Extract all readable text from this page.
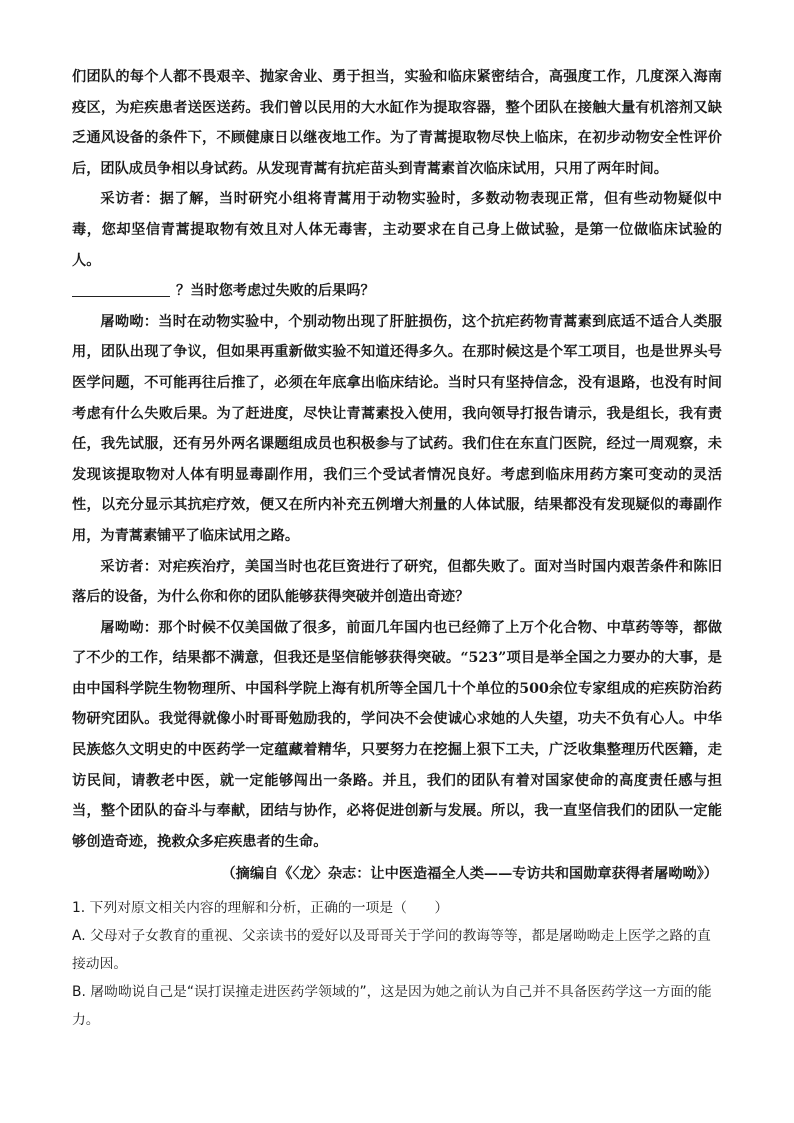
们团队的每个人都不畏艰辛、抛家舍业、勇于担当，实验和临床紧密结合，高强度工作，几度深入海南疫区，为疟疾患者送医送药。我们曾以民用的大水缸作为提取容器，整个团队在接触大量有机溶剂又缺乏通风设备的条件下，不顾健康日以继夜地工作。为了青蒿提取物尽快上临床，在初步动物安全性评价后，团队成员争相以身试药。从发现青蒿有抗疟苗头到青蒿素首次临床试用，只用了两年时间。

采访者：据了解，当时研究小组将青蒿用于动物实验时，多数动物表现正常，但有些动物疑似中毒，您却坚信青蒿提取物有效且对人体无毒害，主动要求在自己身上做试验，是第一位做临床试验的人。

？当时您考虑过失败的后果吗？

屠呦呦：当时在动物实验中，个别动物出现了肝脏损伤，这个抗疟药物青蒿素到底适不适合人类服用，团队出现了争议，但如果再重新做实验不知道还得多久。在那时候这是个军工项目，也是世界头号医学问题，不可能再往后推了，必须在年底拿出临床结论。当时只有坚持信念，没有退路，也没有时间考虑有什么失败后果。为了赶进度，尽快让青蒿素投入使用，我向领导打报告请示，我是组长，我有责任，我先试服，还有另外两名课题组成员也积极参与了试药。我们住在东直门医院，经过一周观察，未发现该提取物对人体有明显毒副作用，我们三个受试者情况良好。考虑到临床用药方案可变动的灵活性，以充分显示其抗疟疗效，便又在所内补充五例增大剂量的人体试服，结果都没有发现疑似的毒副作用，为青蒿素铺平了临床试用之路。

采访者：对疟疾治疗，美国当时也花巨资进行了研究，但都失败了。面对当时国内艰苦条件和陈旧落后的设备，为什么你和你的团队能够获得突破并创造出奇迹？

屠呦呦：那个时候不仅美国做了很多，前面几年国内也已经筛了上万个化合物、中草药等等，都做了不少的工作，结果都不满意，但我还是坚信能够获得突破。“523”项目是举全国之力要办的大事，是由中国科学院生物物理所、中国科学院上海有机所等全国几十个单位的500余位专家组成的疟疾防治药物研究团队。我觉得就像小时哥哥勉励我的，学问决不会使诚心求她的人失望，功夫不负有心人。中华民族悠久文明史的中医药学一定蕴藏着精华，只要努力在挖掘上狠下工夫，广泛收集整理历代医籍，走访民间，请教老中医，就一定能够闯出一条路。并且，我们的团队有着对国家使命的高度责任感与担当，整个团队的奋斗与奉献，团结与协作，必将促进创新与发展。所以，我一直坚信我们的团队一定能够创造奇迹，挽救众多疟疾患者的生命。

（摘编自《〈龙〉杂志：让中医造福全人类——专访共和国勋章获得者屠呦呦》）

1. 下列对原文相关内容的理解和分析，正确的一项是（　　）

A. 父母对子女教育的重视、父亲读书的爱好以及哥哥关于学问的教诲等等，都是屠呦呦走上医学之路的直接动因。

B. 屠呦呦说自己是“误打误撞走进医药学领域的”，这是因为她之前认为自己并不具备医药学这一方面的能力。
